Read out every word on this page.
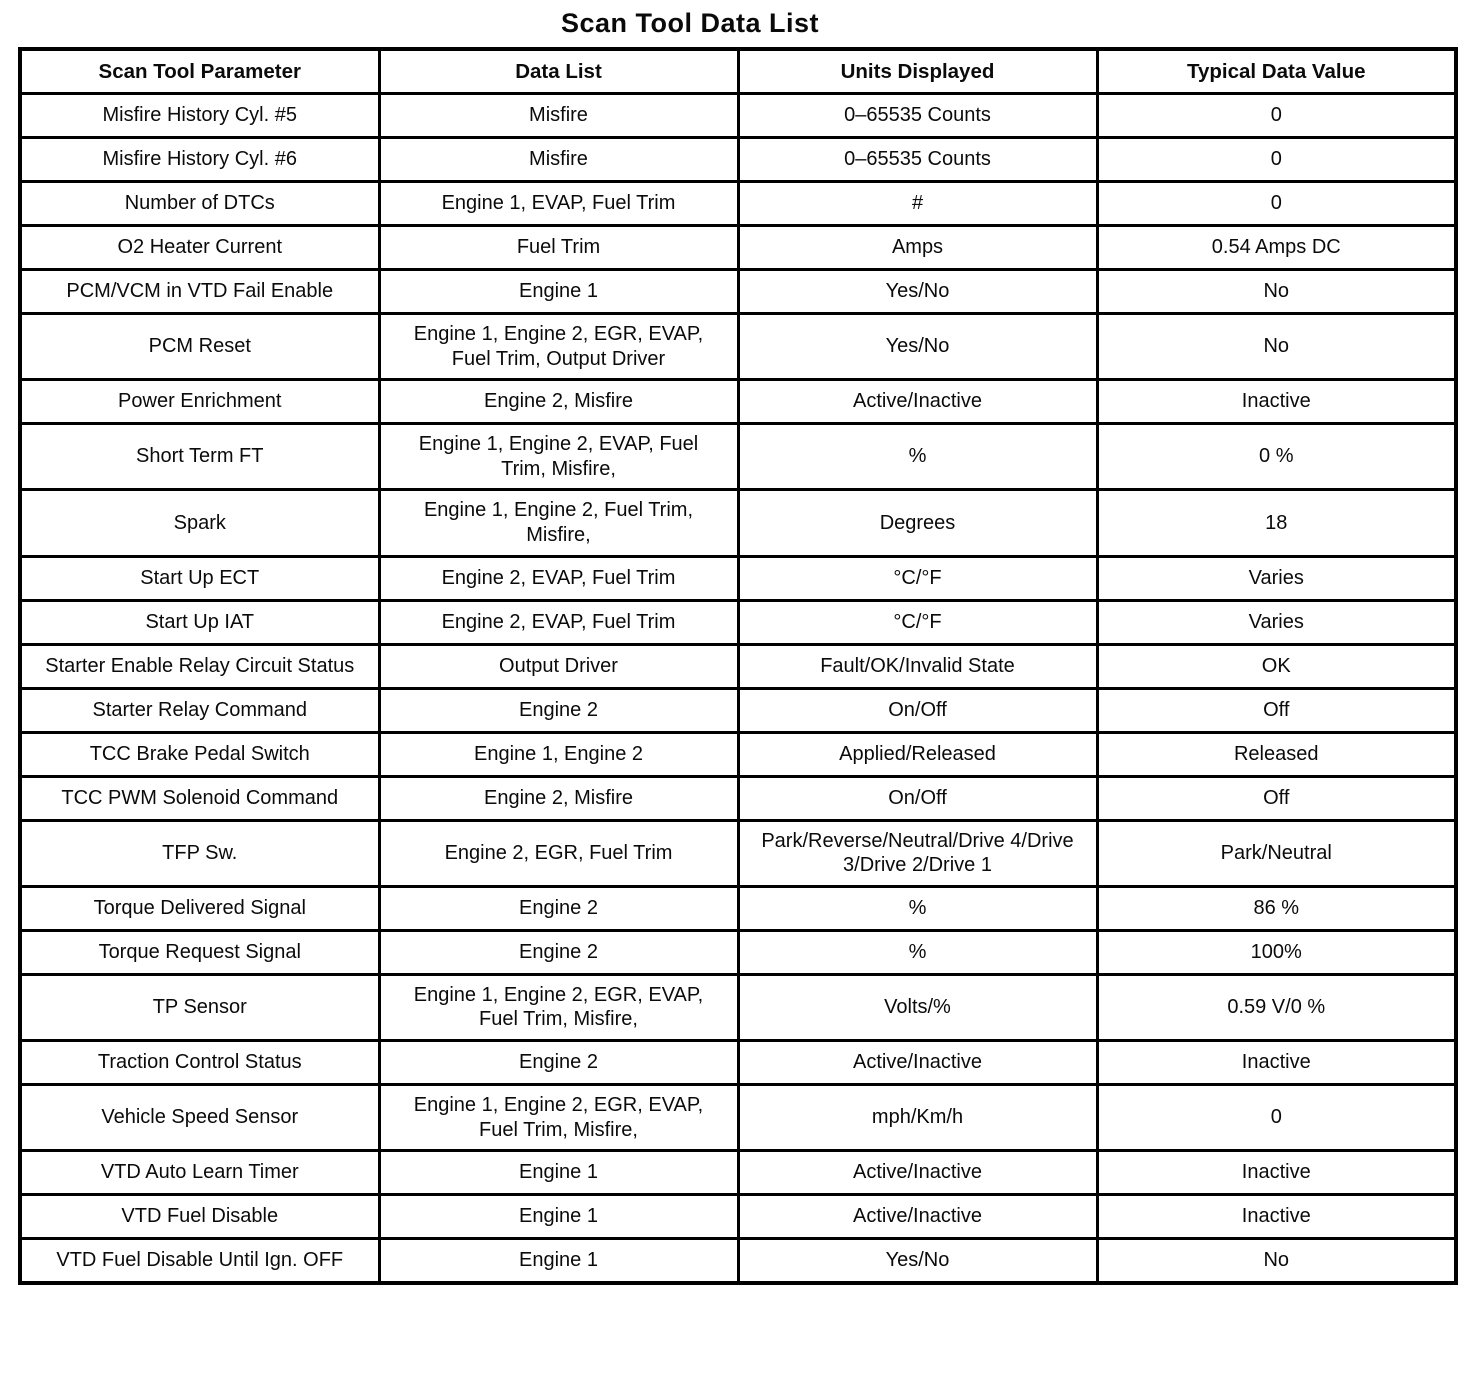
Scan Tool Data List
Scan Tool Parameter	Data List	Units Displayed	Typical Data Value
Misfire History Cyl. #5	Misfire	0–65535 Counts	0
Misfire History Cyl. #6	Misfire	0–65535 Counts	0
Number of DTCs	Engine 1, EVAP, Fuel Trim	#	0
O2 Heater Current	Fuel Trim	Amps	0.54 Amps DC
PCM/VCM in VTD Fail Enable	Engine 1	Yes/No	No
PCM Reset	Engine 1, Engine 2, EGR, EVAP, Fuel Trim, Output Driver	Yes/No	No
Power Enrichment	Engine 2, Misfire	Active/Inactive	Inactive
Short Term FT	Engine 1, Engine 2, EVAP, Fuel Trim, Misfire,	%	0 %
Spark	Engine 1, Engine 2, Fuel Trim, Misfire,	Degrees	18
Start Up ECT	Engine 2, EVAP, Fuel Trim	°C/°F	Varies
Start Up IAT	Engine 2, EVAP, Fuel Trim	°C/°F	Varies
Starter Enable Relay Circuit Status	Output Driver	Fault/OK/Invalid State	OK
Starter Relay Command	Engine 2	On/Off	Off
TCC Brake Pedal Switch	Engine 1, Engine 2	Applied/Released	Released
TCC PWM Solenoid Command	Engine 2, Misfire	On/Off	Off
TFP Sw.	Engine 2, EGR, Fuel Trim	Park/Reverse/Neutral/Drive 4/Drive 3/Drive 2/Drive 1	Park/Neutral
Torque Delivered Signal	Engine 2	%	86 %
Torque Request Signal	Engine 2	%	100%
TP Sensor	Engine 1, Engine 2, EGR, EVAP, Fuel Trim, Misfire,	Volts/%	0.59 V/0 %
Traction Control Status	Engine 2	Active/Inactive	Inactive
Vehicle Speed Sensor	Engine 1, Engine 2, EGR, EVAP, Fuel Trim, Misfire,	mph/Km/h	0
VTD Auto Learn Timer	Engine 1	Active/Inactive	Inactive
VTD Fuel Disable	Engine 1	Active/Inactive	Inactive
VTD Fuel Disable Until Ign. OFF	Engine 1	Yes/No	No
